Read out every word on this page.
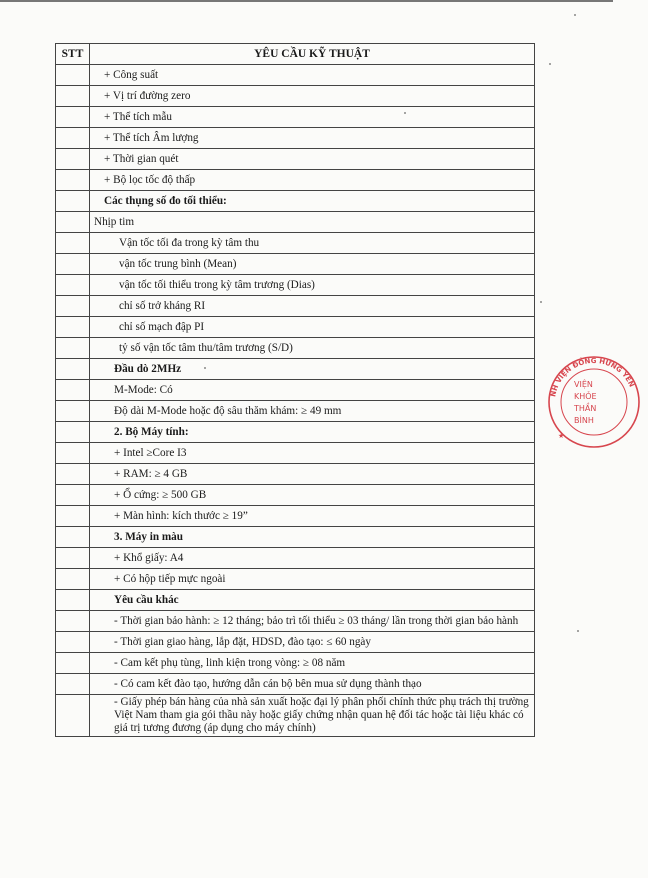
STT	YÊU CẦU KỸ THUẬT
	+ Công suất
	+ Vị trí đường zero
	+ Thể tích mẫu
	+ Thể tích Âm lượng
	+ Thời gian quét
	+ Bộ lọc tốc độ thấp
	Các thụng số đo tối thiểu:
	Nhịp tim
	Vận tốc tối đa trong kỳ tâm thu
	vận tốc trung bình (Mean)
	vận tốc tối thiểu trong kỳ tâm trương (Dias)
	chỉ số trở kháng RI
	chỉ số mạch đập PI
	tỷ số vận tốc tâm thu/tâm trương (S/D)
	Đầu dò 2MHz
	M-Mode: Có
	Độ dài M-Mode hoặc độ sâu thăm khám: ≥ 49 mm
	2. Bộ Máy tính:
	+ Intel ≥Core I3
	+ RAM: ≥ 4 GB
	+ Ổ cứng: ≥ 500 GB
	+ Màn hình: kích thước ≥ 19”
	3. Máy in màu
	+ Khổ giấy: A4
	+ Có hộp tiếp mực ngoài
	Yêu cầu khác
	- Thời gian bảo hành: ≥ 12 tháng; bảo trì tối thiểu ≥ 03 tháng/ lần trong thời gian bảo hành
	- Thời gian giao hàng, lắp đặt, HDSD, đào tạo: ≤ 60 ngày
	- Cam kết phụ tùng, linh kiện trong vòng: ≥ 08 năm
	- Có cam kết đào tạo, hướng dẫn cán bộ bên mua sử dụng thành thạo
	- Giấy phép bán hàng của nhà sản xuất hoặc đại lý phân phối chính thức phụ trách thị trường Việt Nam tham gia gói thầu này hoặc giấy chứng nhận quan hệ đối tác hoặc tài liệu khác có giá trị tương đương (áp dụng cho máy chính)
NH VIỆN ĐỒNG HƯNG YÊN
VIỆN
KHỎE
THẦN
BÌNH
★
